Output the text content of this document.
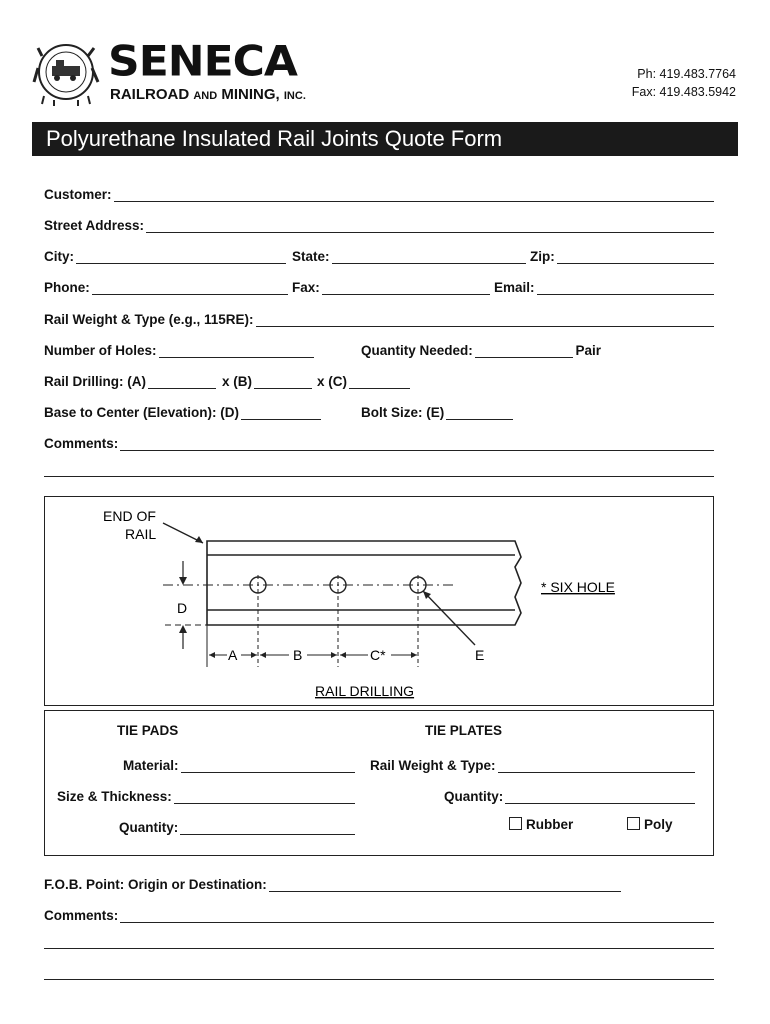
SENECA
RAILROAD AND MINING, INC.
Ph: 419.483.7764
Fax: 419.483.5942
Polyurethane Insulated Rail Joints Quote Form
Customer:
Street Address:
City:	State:	Zip:
Phone:	Fax:	Email:
Rail Weight & Type (e.g., 115RE):
Number of Holes:	Quantity Needed:	Pair
Rail Drilling: (A)	x (B)	x (C)
Base to Center (Elevation): (D)	Bolt Size: (E)
Comments:
END OF
RAIL
* SIX HOLE
D
A	B	C*	E
RAIL DRILLING
TIE PADS	TIE PLATES
Material:	Rail Weight & Type:
Size & Thickness:	Quantity:
Quantity:	Rubber	Poly
F.O.B. Point: Origin or Destination:
Comments:
